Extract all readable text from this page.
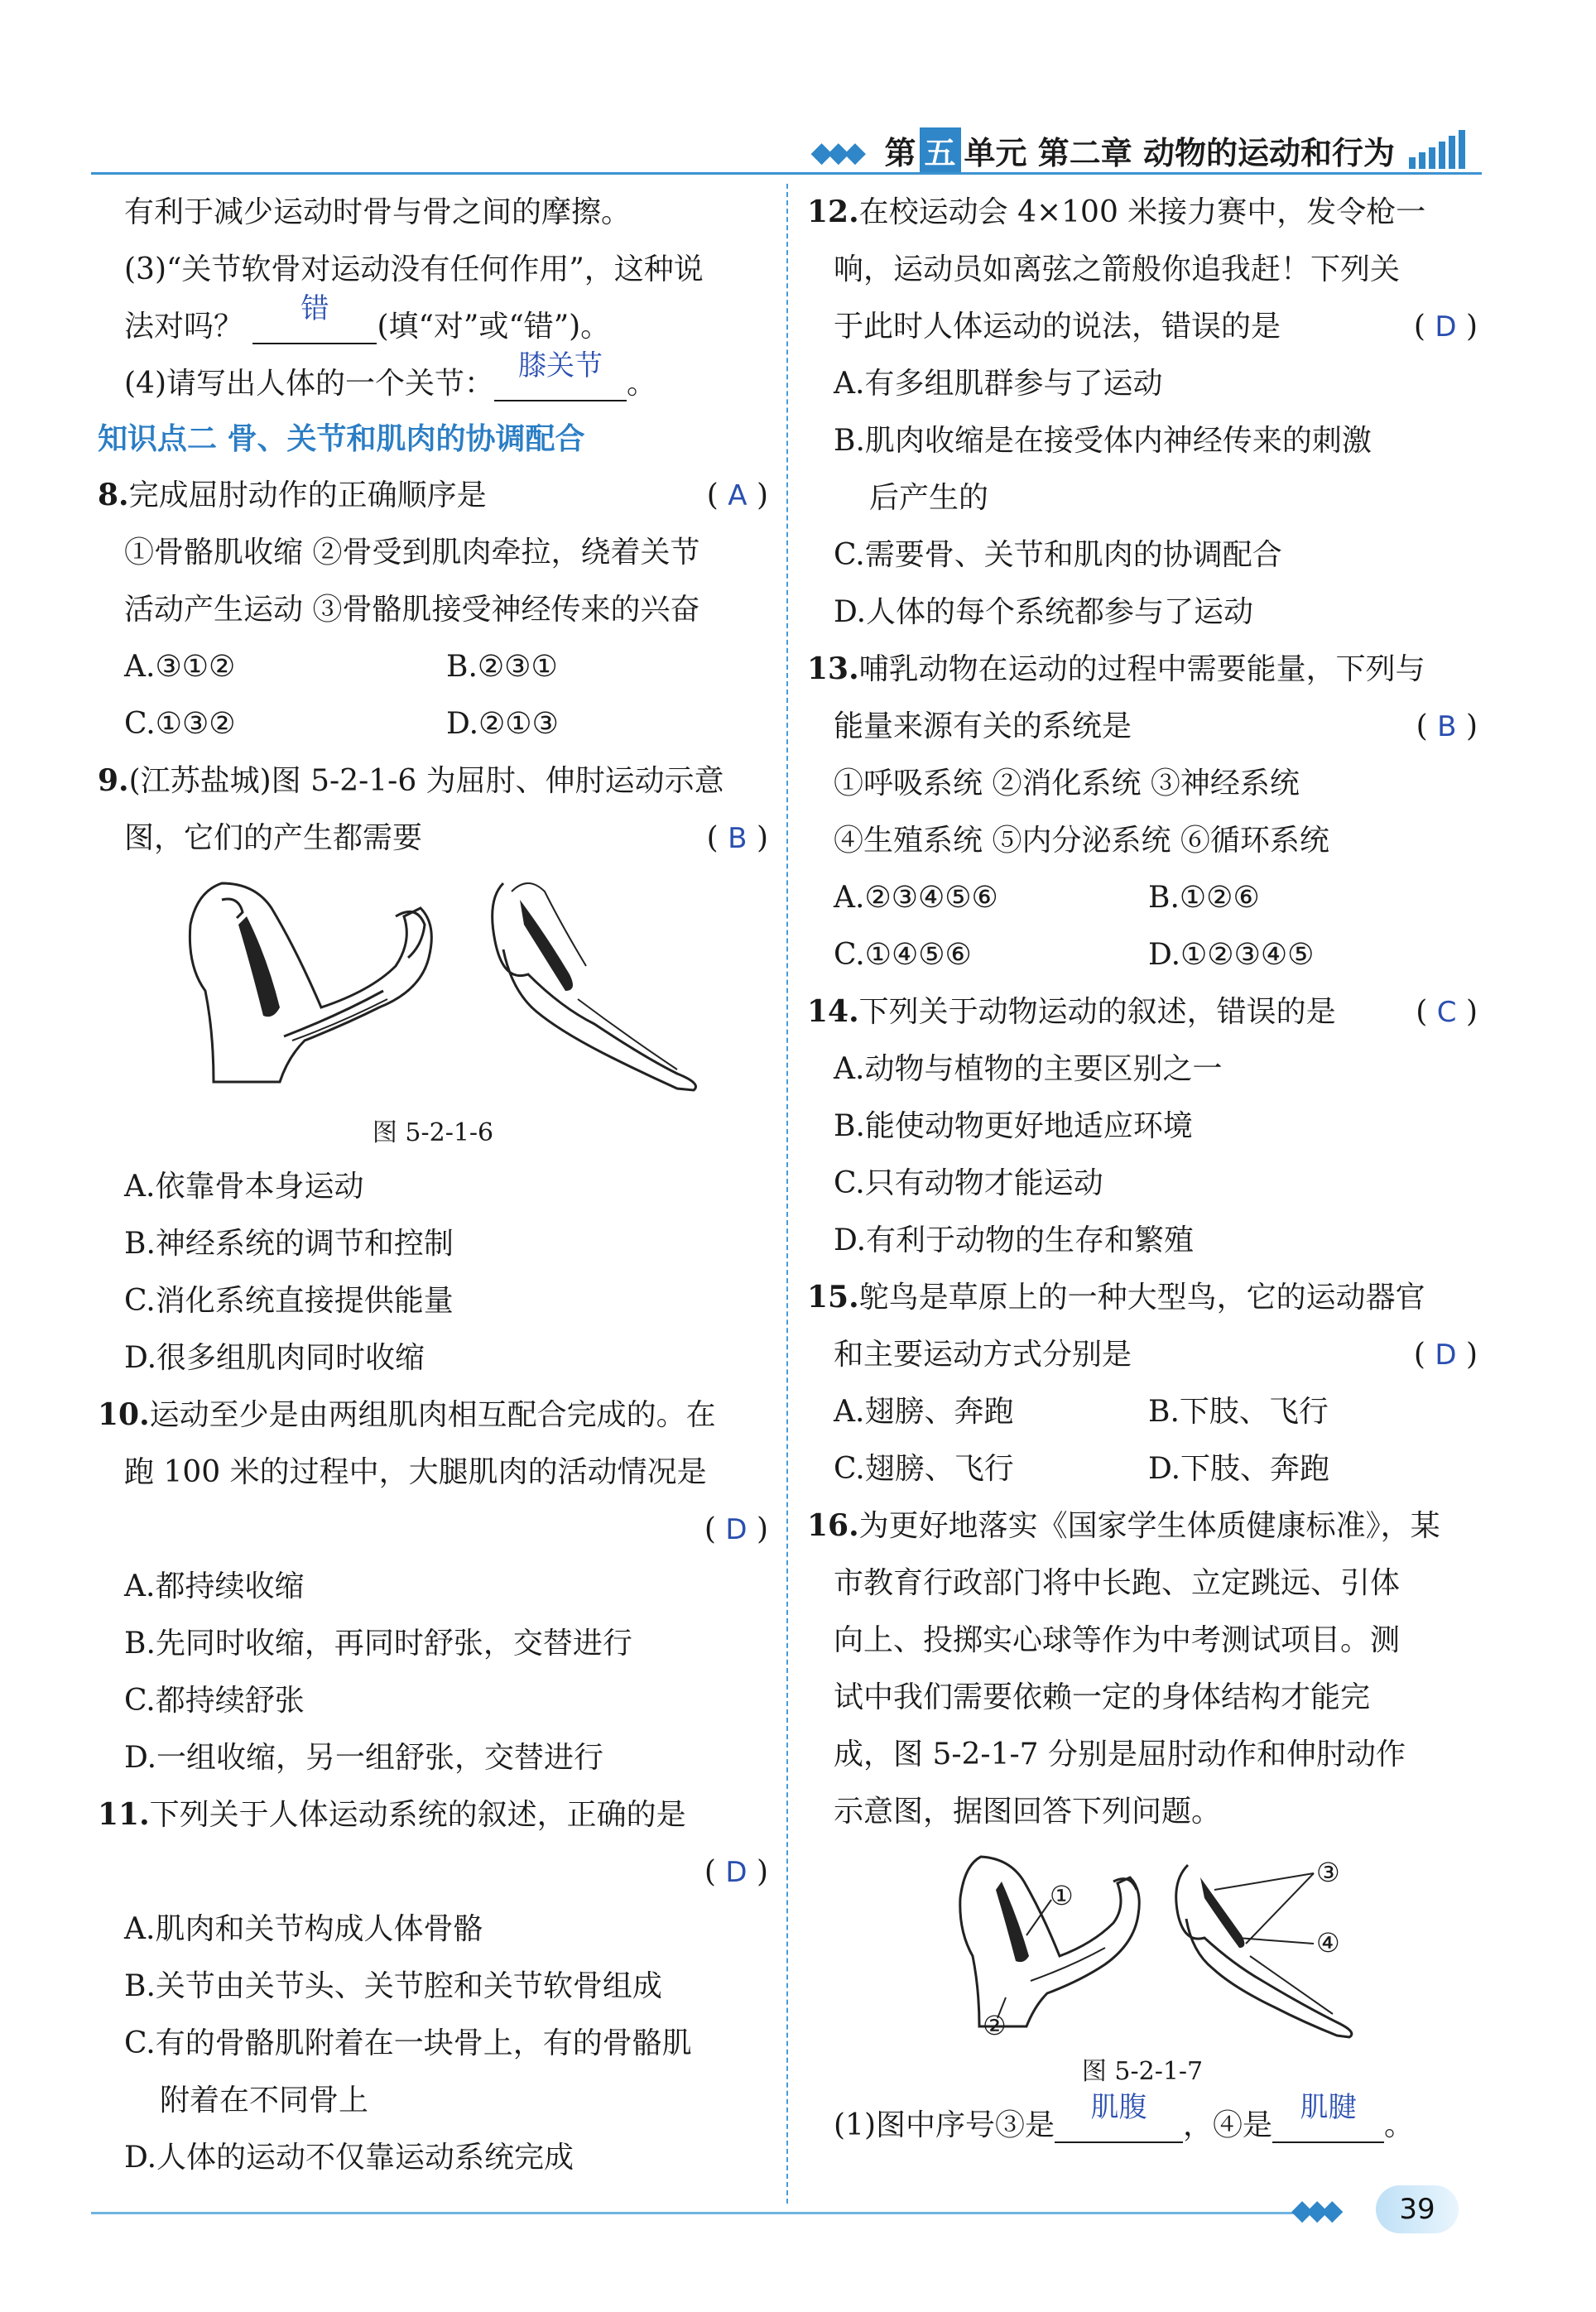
◆◆◆ 第 五 单元 第二章 动物的运动和行为
有利于减少运动时骨与骨之间的摩擦。
(3)“关节软骨对运动没有任何作用”，这种说
法对吗？ 错(填“对”或“错”)。
(4)请写出人体的一个关节：膝关节。
知识点二 骨、关节和肌肉的协调配合
8.完成屈肘动作的正确顺序是	( A )
①骨骼肌收缩 ②骨受到肌肉牵拉，绕着关节
活动产生运动 ③骨骼肌接受神经传来的兴奋
A.③①②	B.②③①
C.①③②	D.②①③
9.(江苏盐城)图 5-2-1-6 为屈肘、伸肘运动示意
图，它们的产生都需要	( B )
图 5-2-1-6
A.依靠骨本身运动
B.神经系统的调节和控制
C.消化系统直接提供能量
D.很多组肌肉同时收缩
10.运动至少是由两组肌肉相互配合完成的。在
跑 100 米的过程中，大腿肌肉的活动情况是
( D )
A.都持续收缩
B.先同时收缩，再同时舒张，交替进行
C.都持续舒张
D.一组收缩，另一组舒张，交替进行
11.下列关于人体运动系统的叙述，正确的是
( D )
A.肌肉和关节构成人体骨骼
B.关节由关节头、关节腔和关节软骨组成
C.有的骨骼肌附着在一块骨上，有的骨骼肌
附着在不同骨上
D.人体的运动不仅靠运动系统完成
12.在校运动会 4×100 米接力赛中，发令枪一
响，运动员如离弦之箭般你追我赶！下列关
于此时人体运动的说法，错误的是	( D )
A.有多组肌群参与了运动
B.肌肉收缩是在接受体内神经传来的刺激
后产生的
C.需要骨、关节和肌肉的协调配合
D.人体的每个系统都参与了运动
13.哺乳动物在运动的过程中需要能量，下列与
能量来源有关的系统是	( B )
①呼吸系统 ②消化系统 ③神经系统
④生殖系统 ⑤内分泌系统 ⑥循环系统
A.②③④⑤⑥	B.①②⑥
C.①④⑤⑥	D.①②③④⑤
14.下列关于动物运动的叙述，错误的是	( C )
A.动物与植物的主要区别之一
B.能使动物更好地适应环境
C.只有动物才能运动
D.有利于动物的生存和繁殖
15.鸵鸟是草原上的一种大型鸟，它的运动器官
和主要运动方式分别是	( D )
A.翅膀、奔跑	B.下肢、飞行
C.翅膀、飞行	D.下肢、奔跑
16.为更好地落实《国家学生体质健康标准》，某
市教育行政部门将中长跑、立定跳远、引体
向上、投掷实心球等作为中考测试项目。测
试中我们需要依赖一定的身体结构才能完
成，图 5-2-1-7 分别是屈肘动作和伸肘动作
示意图，据图回答下列问题。
①
②
③
④
图 5-2-1-7
(1)图中序号③是肌腹，④是肌腱。
◆◆◆	39
